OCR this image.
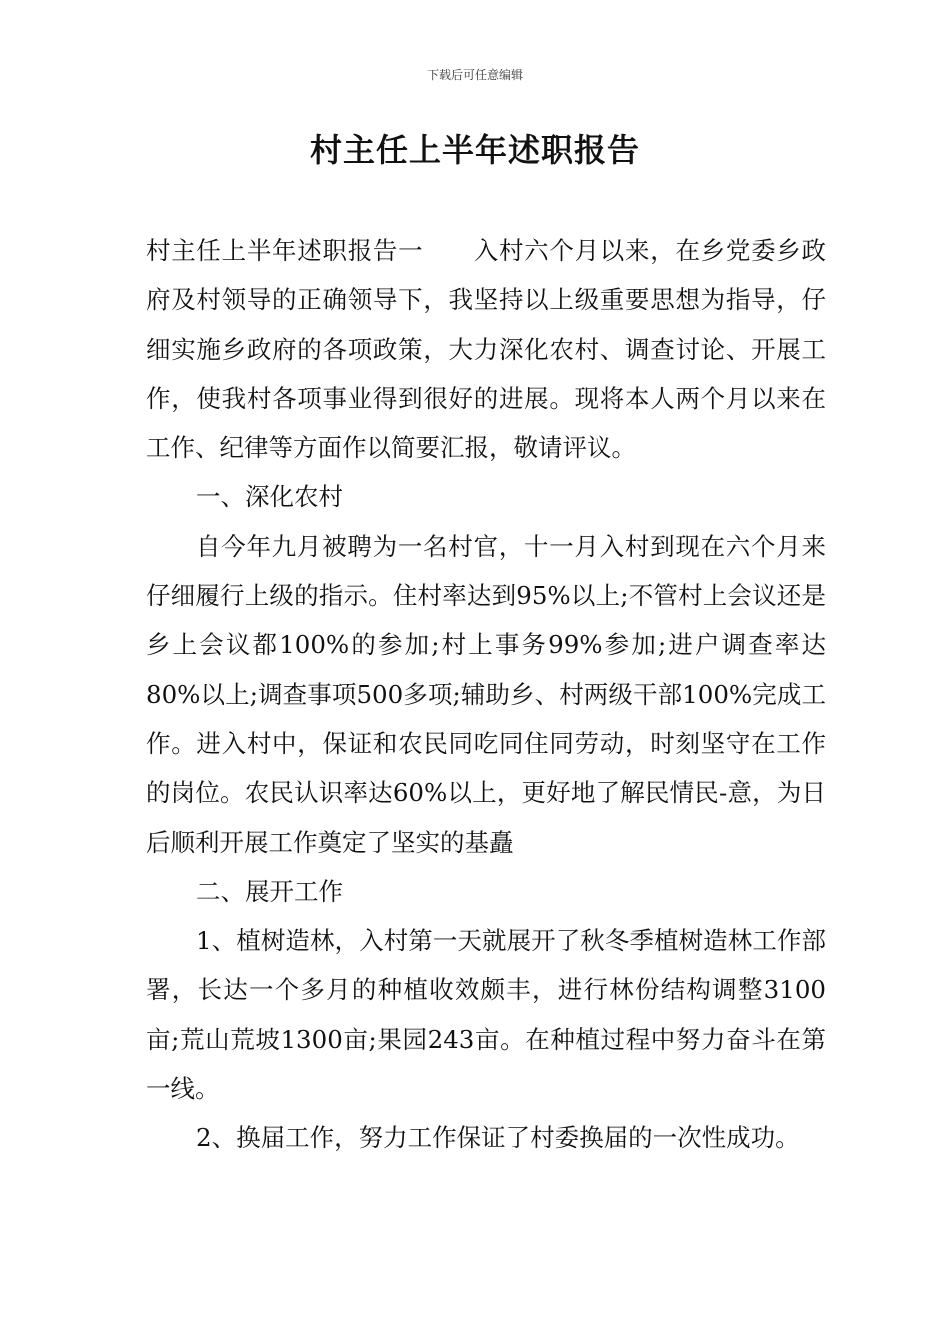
下载后可任意编辑
村主任上半年述职报告

村主任上半年述职报告一　　入村六个月以来，在乡党委乡政府及村领导的正确领导下，我坚持以上级重要思想为指导，仔细实施乡政府的各项政策，大力深化农村、调查讨论、开展工作，使我村各项事业得到很好的进展。现将本人两个月以来在工作、纪律等方面作以简要汇报，敬请评议。

一、深化农村

自今年九月被聘为一名村官，十一月入村到现在六个月来仔细履行上级的指示。住村率达到95%以上;不管村上会议还是乡上会议都100%的参加;村上事务99%参加;进户调查率达80%以上;调查事项500多项;辅助乡、村两级干部100%完成工作。进入村中，保证和农民同吃同住同劳动，时刻坚守在工作的岗位。农民认识率达60%以上，更好地了解民情民-意，为日后顺利开展工作奠定了坚实的基矗

二、展开工作

1、植树造林，入村第一天就展开了秋冬季植树造林工作部署，长达一个多月的种植收效颇丰，进行林份结构调整3100亩;荒山荒坡1300亩;果园243亩。在种植过程中努力奋斗在第一线。

2、换届工作，努力工作保证了村委换届的一次性成功。
